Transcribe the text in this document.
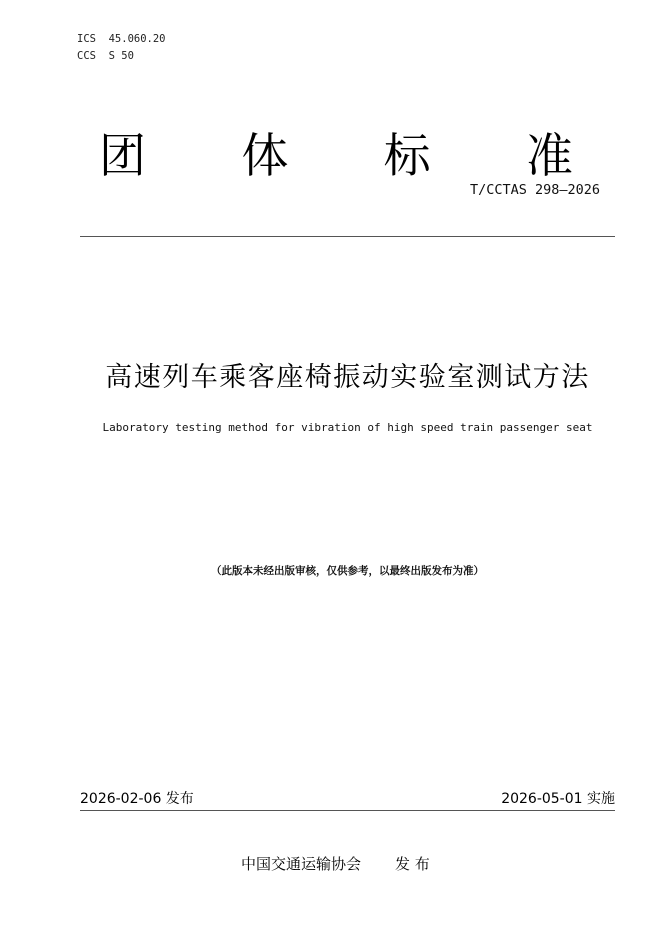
ICS  45.060.20
CCS  S 50
团 体 标 准
T/CCTAS 298—2026
高速列车乘客座椅振动实验室测试方法
Laboratory testing method for vibration of high speed train passenger seat
（此版本未经出版审核，仅供参考，以最终出版发布为准）
2026-02-06 发布	2026-05-01 实施
中国交通运输协会 发 布
